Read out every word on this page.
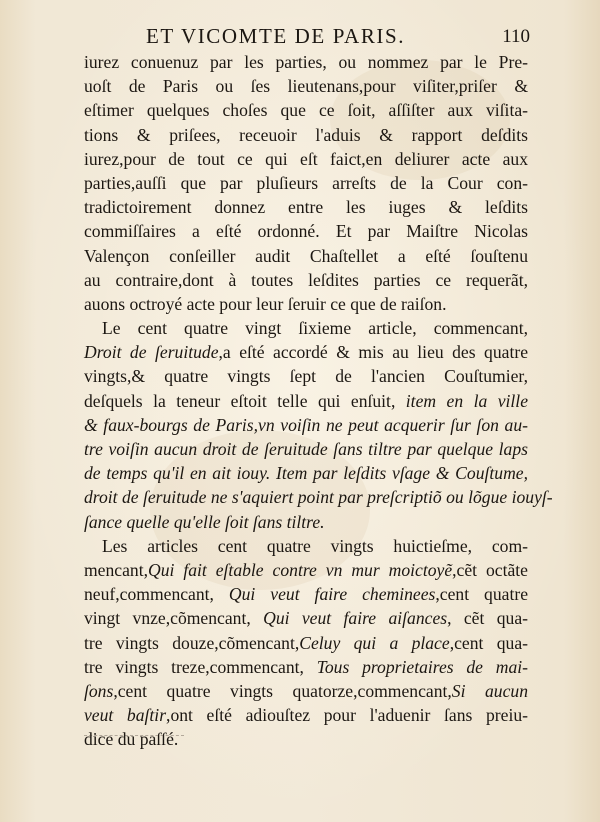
ET VICOMTE DE PARIS.	110
iurez conuenuz par les parties, ou nommez par le Pre-
uoſt de Paris ou ſes lieutenans,pour viſiter,priſer &
eſtimer quelques choſes que ce ſoit, aſſiſter aux viſita-
tions & priſees, receuoir l'aduis & rapport deſdits
iurez,pour de tout ce qui eſt faict,en deliurer acte aux
parties,auſſi que par pluſieurs arreſts de la Cour con-
tradictoirement donnez entre les iuges & leſdits
commiſſaires a eſté ordonné. Et par Maiſtre Nicolas
Valençon conſeiller audit Chaſtellet a eſté ſouſtenu
au contraire,dont à toutes leſdites parties ce requerãt,
auons octroyé acte pour leur ſeruir ce que de raiſon.
Le cent quatre vingt ſixieme article, commencant,
Droit de ſeruitude,a eſté accordé & mis au lieu des quatre
vingts,& quatre vingts ſept de l'ancien Couſtumier,
deſquels la teneur eſtoit telle qui enſuit, item en la ville
& faux-bourgs de Paris,vn voiſin ne peut acquerir ſur ſon au-
tre voiſin aucun droit de ſeruitude ſans tiltre par quelque laps
de temps qu'il en ait iouy. Item par leſdits vſage & Couſtume,
droit de ſeruitude ne s'aquiert point par preſcriptiõ ou lõgue iouyſ-
ſance quelle qu'elle ſoit ſans tiltre.
Les articles cent quatre vingts huictieſme, com-
mencant,Qui fait eſtable contre vn mur moictoyẽ,cẽt octãte
neuf,commencant, Qui veut faire cheminees,cent quatre
vingt vnze,cõmencant, Qui veut faire aiſances, cẽt qua-
tre vingts douze,cõmencant,Celuy qui a place,cent qua-
tre vingts treze,commencant, Tous proprietaires de mai-
ſons,cent quatre vingts quatorze,commencant,Si aucun
veut baſtir,ont eſté adiouſtez pour l'aduenir ſans preiu-
dice du paſſé.
